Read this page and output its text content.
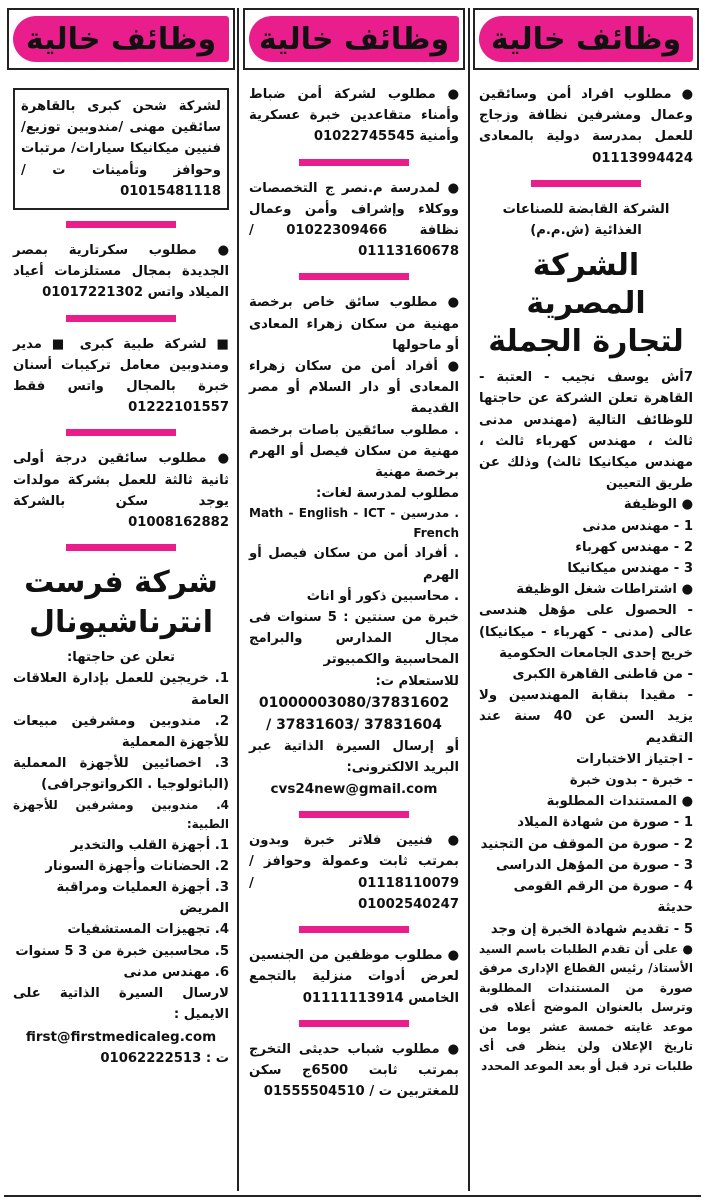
وظائف خالية

● مطلوب افراد أمن وسائقين وعمال ومشرفين نظافة وزجاج للعمل بمدرسة دولية بالمعادى 01113994424

الشركة القابضة للصناعات الغذائية (ش.م.م)

الشركة المصرية
لتجارة الجملة

7أش يوسف نجيب - العتبة - القاهرة تعلن الشركة عن حاجتها للوظائف التالية (مهندس مدنى ثالث ، مهندس كهرباء ثالث ، مهندس ميكانيكا ثالث) وذلك عن طريق التعيين

● الوظيفة

1 - مهندس مدنى

2 - مهندس كهرباء

3 - مهندس ميكانيكا

● اشتراطات شغل الوظيفة

- الحصول على مؤهل هندسى عالى (مدنى - كهرباء - ميكانيكا) خريج إحدى الجامعات الحكومية

- من قاطنى القاهرة الكبرى

- مقيدا بنقابة المهندسين ولا يزيد السن عن 40 سنة عند التقديم

- اجتياز الاختبارات

- خبرة - بدون خبرة

● المستندات المطلوبة

1 - صورة من شهادة الميلاد

2 - صورة من الموقف من التجنيد

3 - صورة من المؤهل الدراسى

4 - صورة من الرقم القومى حديثة

5 - تقديم شهادة الخبرة إن وجد

● على أن تقدم الطلبات باسم السيد الأستاذ/ رئيس القطاع الإدارى مرفق صورة من المستندات المطلوبة وترسل بالعنوان الموضح أعلاه فى موعد غايته خمسة عشر يوما من تاريخ الإعلان ولن ينظر فى أى طلبات ترد قبل أو بعد الموعد المحدد

وظائف خالية

● مطلوب لشركة أمن ضباط وأمناء متقاعدين خبرة عسكرية وأمنية 01022745545

● لمدرسة م.نصر ج التخصصات ووكلاء وإشراف وأمن وعمال نظافة 01022309466 / 01113160678

● مطلوب سائق خاص برخصة مهنية من سكان زهراء المعادى أو ماحولها

● أفراد أمن من سكان زهراء المعادى أو دار السلام أو مصر القديمة

. مطلوب سائقين باصات برخصة مهنية من سكان فيصل أو الهرم برخصة مهنية

مطلوب لمدرسة لغات:

. مدرسين Math - English - ICT - French

. أفراد أمن من سكان فيصل أو الهرم

. محاسبين ذكور أو اناث

خبرة من سنتين : 5 سنوات فى مجال المدارس والبرامج المحاسبية والكمبيوتر

للاستعلام ت:

01000003080/37831602

/ 37831603/ 37831604

أو إرسال السيرة الذاتية عبر البريد الالكترونى:

cvs24new@gmail.com

● فنيين فلاتر خبرة وبدون بمرتب ثابت وعمولة وحوافز / 01118110079 / 01002540247

● مطلوب موظفين من الجنسين لعرض أدوات منزلية بالتجمع الخامس 01111113914

● مطلوب شباب حديثى التخرج بمرتب ثابت 6500ج سكن للمغتربين ت / 01555504510

وظائف خالية

لشركة شحن كبرى بالقاهرة سائقين مهنى /مندوبين توزيع/ فنيين ميكانيكا سيارات/ مرتبات وحوافز وتأمينات ت / 01015481118

● مطلوب سكرتارية بمصر الجديدة بمجال مستلزمات أعياد الميلاد واتس 01017221302

■ لشركة طبية كبرى ■ مدير ومندوبين معامل تركيبات أسنان خبرة بالمجال واتس فقط 01222101557

● مطلوب سائقين درجة أولى ثانية ثالثة للعمل بشركة مولدات يوجد سكن بالشركة 01008162882

شركة فرست
انترناشيونال

تعلن عن حاجتها:

1. خريجين للعمل بإدارة العلاقات العامة

2. مندوبين ومشرفين مبيعات للأجهزة المعملية

3. اخصائيين للأجهزة المعملية (الباثولوجيا . الكرواتوجرافى)

4. مندوبين ومشرفين للأجهزة الطبية:

1. أجهزة القلب والتخدير

2. الحضانات وأجهزة السونار

3. أجهزة العمليات ومراقبة المريض

4. تجهيزات المستشفيات

5. محاسبين خبرة من 3 5 سنوات

6. مهندس مدنى

لارسال السيرة الذاتية على الايميل :

first@firstmedicaleg.com

ت : 01062222513
